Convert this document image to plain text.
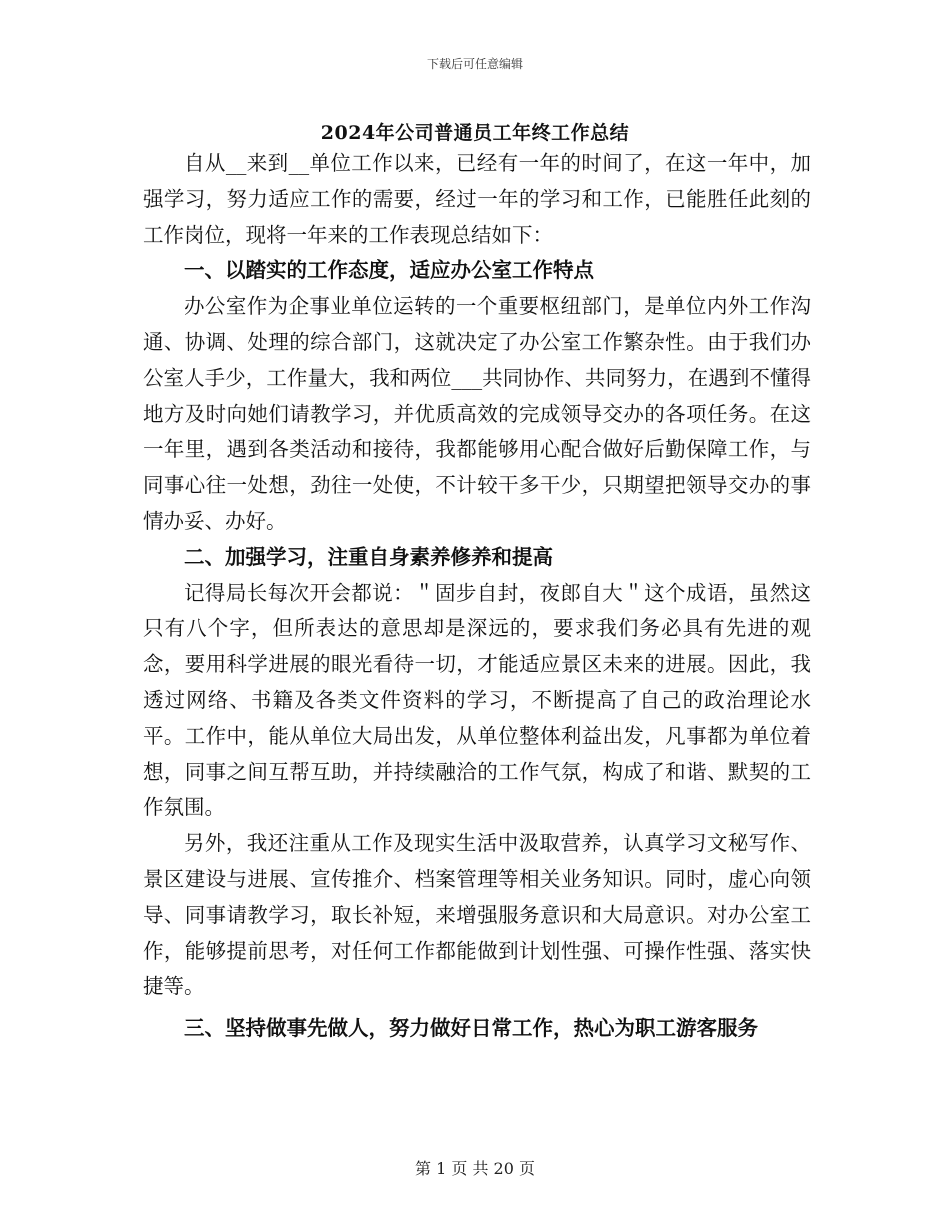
下载后可任意编辑
2024年公司普通员工年终工作总结

自从__来到__单位工作以来，已经有一年的时间了，在这一年中，加强学习，努力适应工作的需要，经过一年的学习和工作，已能胜任此刻的工作岗位，现将一年来的工作表现总结如下：

一、以踏实的工作态度，适应办公室工作特点

办公室作为企事业单位运转的一个重要枢纽部门，是单位内外工作沟通、协调、处理的综合部门，这就决定了办公室工作繁杂性。由于我们办公室人手少，工作量大，我和两位___共同协作、共同努力，在遇到不懂得地方及时向她们请教学习，并优质高效的完成领导交办的各项任务。在这一年里，遇到各类活动和接待，我都能够用心配合做好后勤保障工作，与同事心往一处想，劲往一处使，不计较干多干少，只期望把领导交办的事情办妥、办好。

二、加强学习，注重自身素养修养和提高

记得局长每次开会都说：＂固步自封，夜郎自大＂这个成语，虽然这只有八个字，但所表达的意思却是深远的，要求我们务必具有先进的观念，要用科学进展的眼光看待一切，才能适应景区未来的进展。因此，我透过网络、书籍及各类文件资料的学习，不断提高了自己的政治理论水平。工作中，能从单位大局出发，从单位整体利益出发，凡事都为单位着想，同事之间互帮互助，并持续融洽的工作气氛，构成了和谐、默契的工作氛围。

另外，我还注重从工作及现实生活中汲取营养，认真学习文秘写作、景区建设与进展、宣传推介、档案管理等相关业务知识。同时，虚心向领导、同事请教学习，取长补短，来增强服务意识和大局意识。对办公室工作，能够提前思考，对任何工作都能做到计划性强、可操作性强、落实快捷等。

三、坚持做事先做人，努力做好日常工作，热心为职工游客服务

第 1 页 共 20 页
